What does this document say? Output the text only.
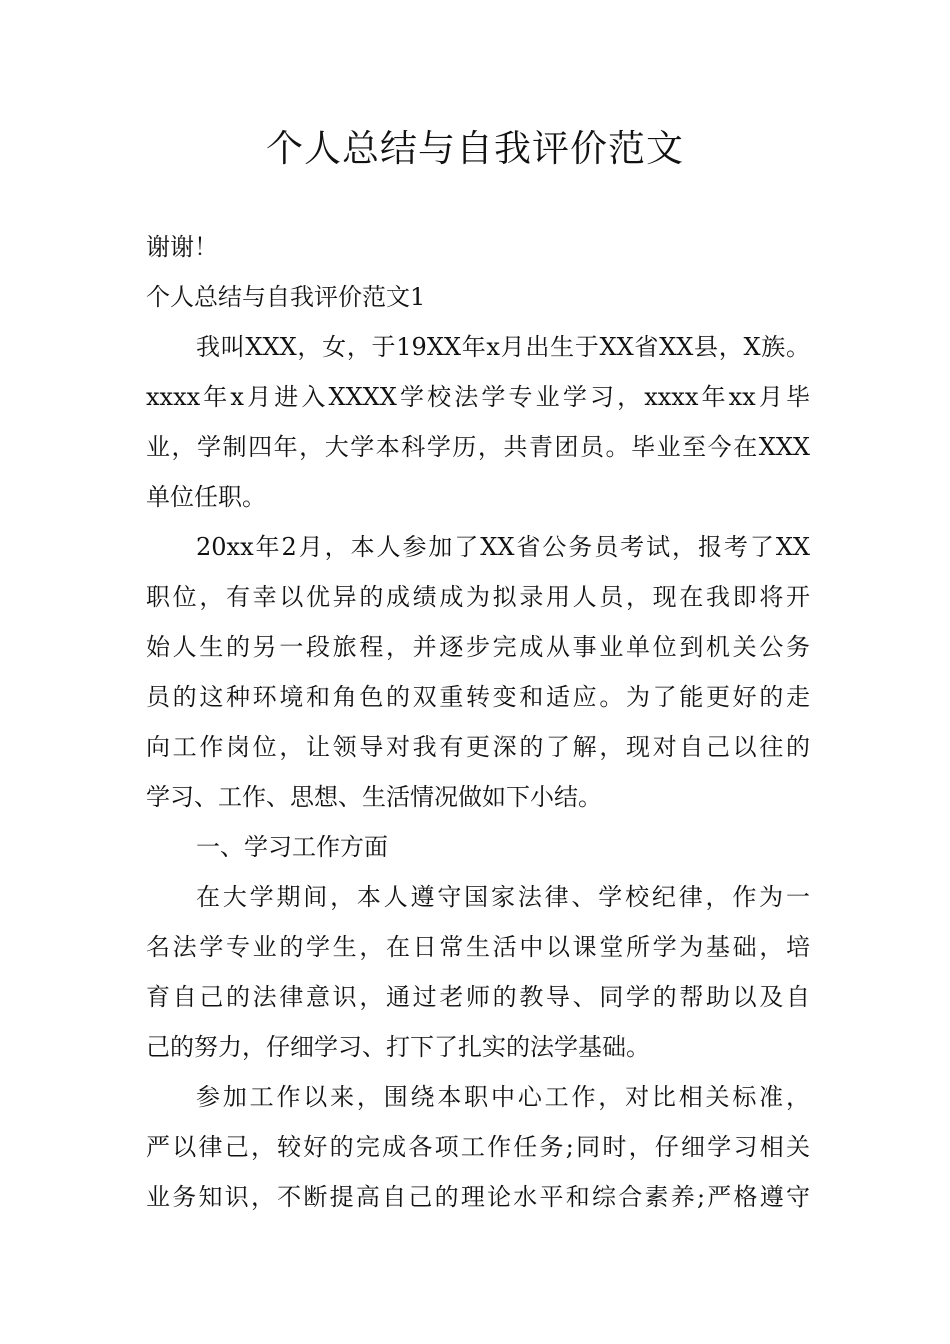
个人总结与自我评价范文

谢谢！

个人总结与自我评价范文1

我叫XXX，女，于19XX年x月出生于XX省XX县，X族。

xxxx年x月进入XXXX学校法学专业学习，xxxx年xx月毕

业，学制四年，大学本科学历，共青团员。毕业至今在XXX

单位任职。

20xx年2月，本人参加了XX省公务员考试，报考了XX

职位，有幸以优异的成绩成为拟录用人员，现在我即将开

始人生的另一段旅程，并逐步完成从事业单位到机关公务

员的这种环境和角色的双重转变和适应。为了能更好的走

向工作岗位，让领导对我有更深的了解，现对自己以往的

学习、工作、思想、生活情况做如下小结。

一、学习工作方面

在大学期间，本人遵守国家法律、学校纪律，作为一

名法学专业的学生，在日常生活中以课堂所学为基础，培

育自己的法律意识，通过老师的教导、同学的帮助以及自

己的努力，仔细学习、打下了扎实的法学基础。

参加工作以来，围绕本职中心工作，对比相关标准，

严以律己，较好的完成各项工作任务;同时，仔细学习相关

业务知识，不断提高自己的理论水平和综合素养;严格遵守
